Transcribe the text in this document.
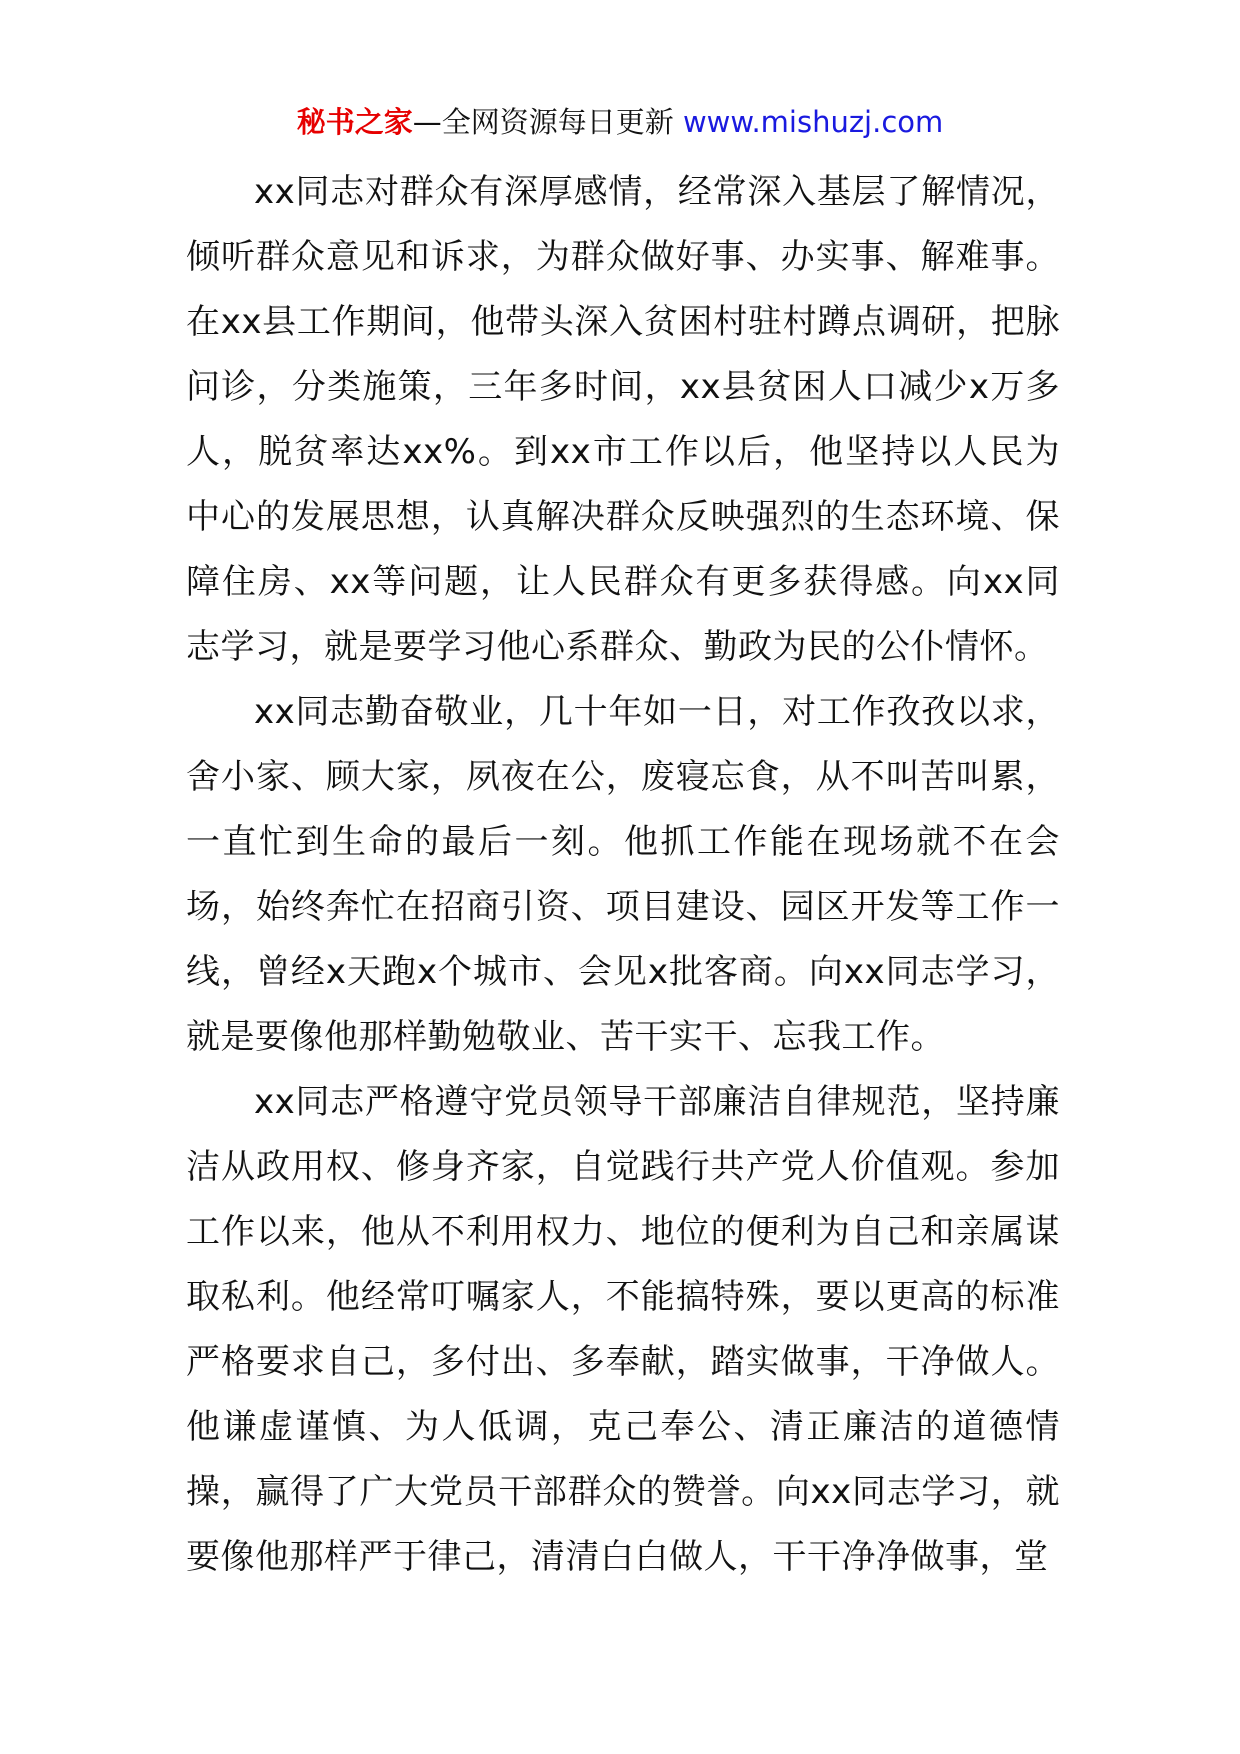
秘书之家—全网资源每日更新 www.mishuzj.com

xx同志对群众有深厚感情，经常深入基层了解情况，倾听群众意见和诉求，为群众做好事、办实事、解难事。在xx县工作期间，他带头深入贫困村驻村蹲点调研，把脉问诊，分类施策，三年多时间，xx县贫困人口减少x万多人，脱贫率达xx%。到xx市工作以后，他坚持以人民为中心的发展思想，认真解决群众反映强烈的生态环境、保障住房、xx等问题，让人民群众有更多获得感。向xx同志学习，就是要学习他心系群众、勤政为民的公仆情怀。

xx同志勤奋敬业，几十年如一日，对工作孜孜以求，舍小家、顾大家，夙夜在公，废寝忘食，从不叫苦叫累，一直忙到生命的最后一刻。他抓工作能在现场就不在会场，始终奔忙在招商引资、项目建设、园区开发等工作一线，曾经x天跑x个城市、会见x批客商。向xx同志学习，就是要像他那样勤勉敬业、苦干实干、忘我工作。

xx同志严格遵守党员领导干部廉洁自律规范，坚持廉洁从政用权、修身齐家，自觉践行共产党人价值观。参加工作以来，他从不利用权力、地位的便利为自己和亲属谋取私利。他经常叮嘱家人，不能搞特殊，要以更高的标准严格要求自己，多付出、多奉献，踏实做事，干净做人。他谦虚谨慎、为人低调，克己奉公、清正廉洁的道德情操，赢得了广大党员干部群众的赞誉。向xx同志学习，就要像他那样严于律己，清清白白做人，干干净净做事，堂
